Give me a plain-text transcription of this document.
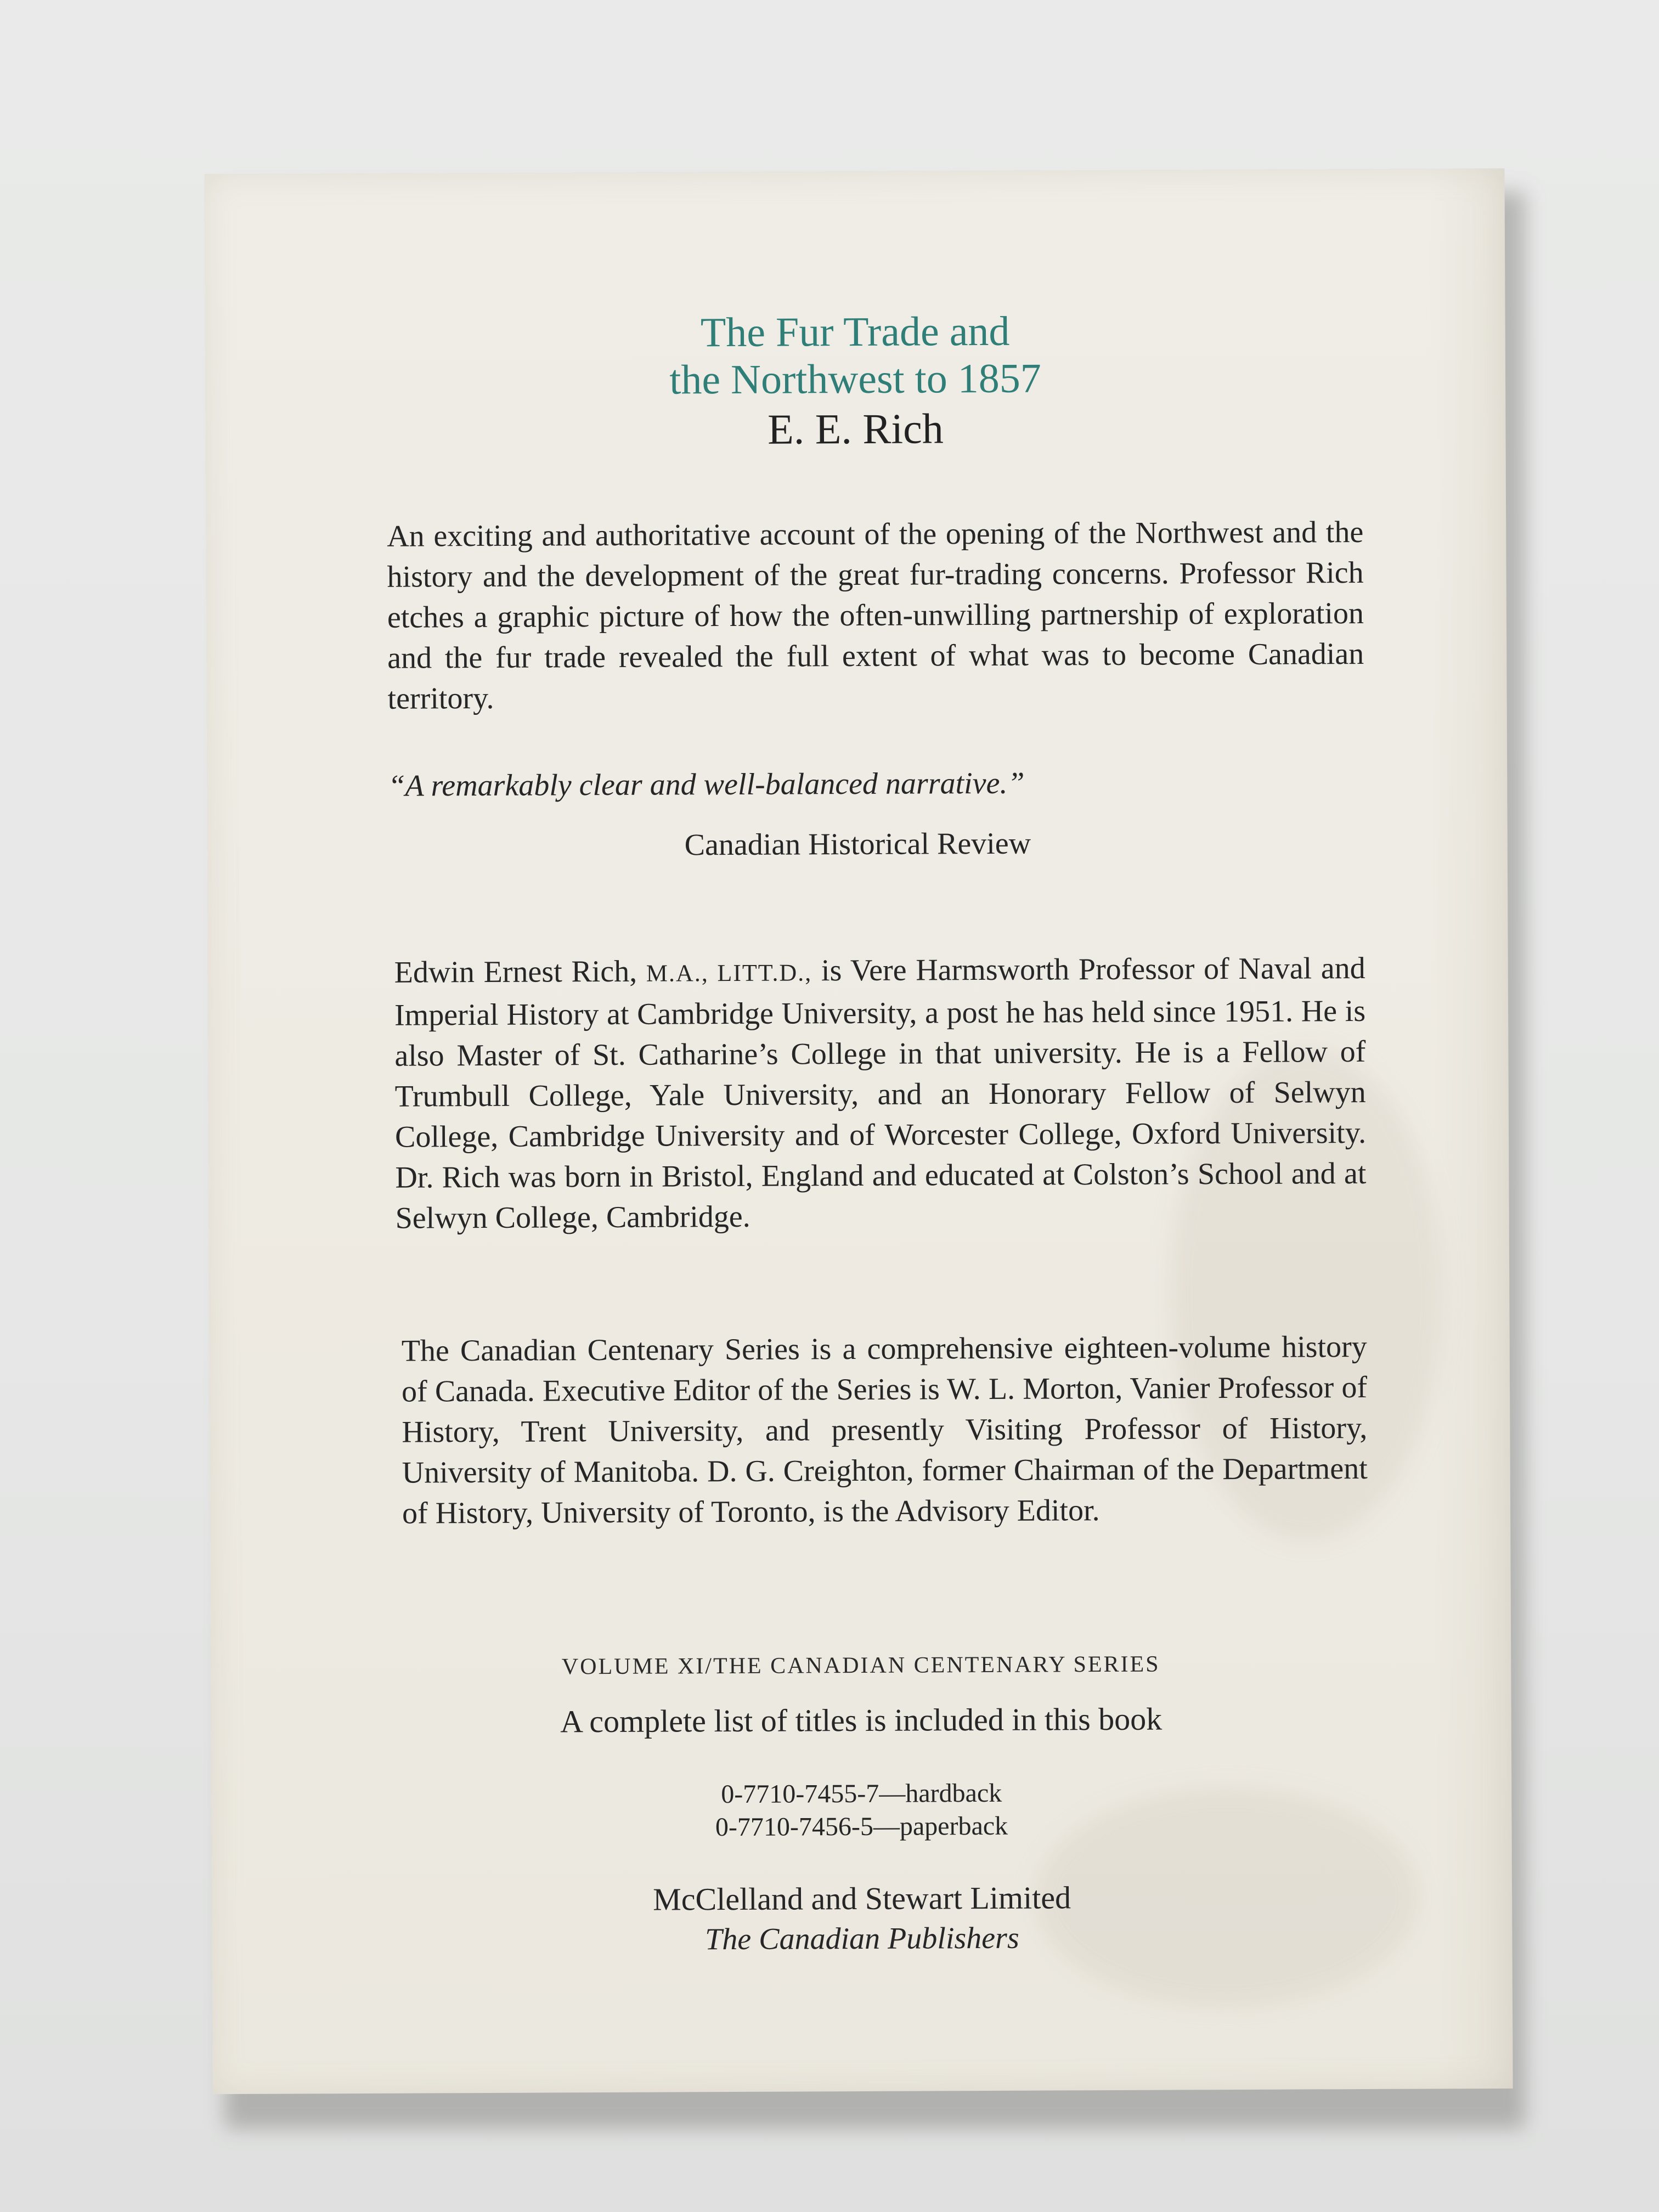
The Fur Trade and
the Northwest to 1857
E. E. Rich
An exciting and authoritative account of the opening of the Northwest and the history and the development of the great fur-trading concerns. Professor Rich etches a graphic picture of how the often-unwilling partnership of exploration and the fur trade revealed the full extent of what was to become Canadian territory.
“A remarkably clear and well-balanced narrative.”
Canadian Historical Review
Edwin Ernest Rich, M.A., LITT.D., is Vere Harmsworth Professor of Naval and Imperial History at Cambridge University, a post he has held since 1951. He is also Master of St. Catharine’s College in that university. He is a Fellow of Trumbull College, Yale University, and an Honorary Fellow of Selwyn College, Cambridge University and of Worcester College, Oxford University. Dr. Rich was born in Bristol, England and educated at Colston’s School and at Selwyn College, Cambridge.
The Canadian Centenary Series is a comprehensive eighteen-volume history of Canada. Executive Editor of the Series is W. L. Morton, Vanier Professor of History, Trent University, and presently Visiting Professor of History, University of Manitoba. D. G. Creighton, former Chairman of the Department of History, University of Toronto, is the Advisory Editor.
VOLUME XI/THE CANADIAN CENTENARY SERIES
A complete list of titles is included in this book
0-7710-7455-7—hardback
0-7710-7456-5—paperback
McClelland and Stewart Limited
The Canadian Publishers
